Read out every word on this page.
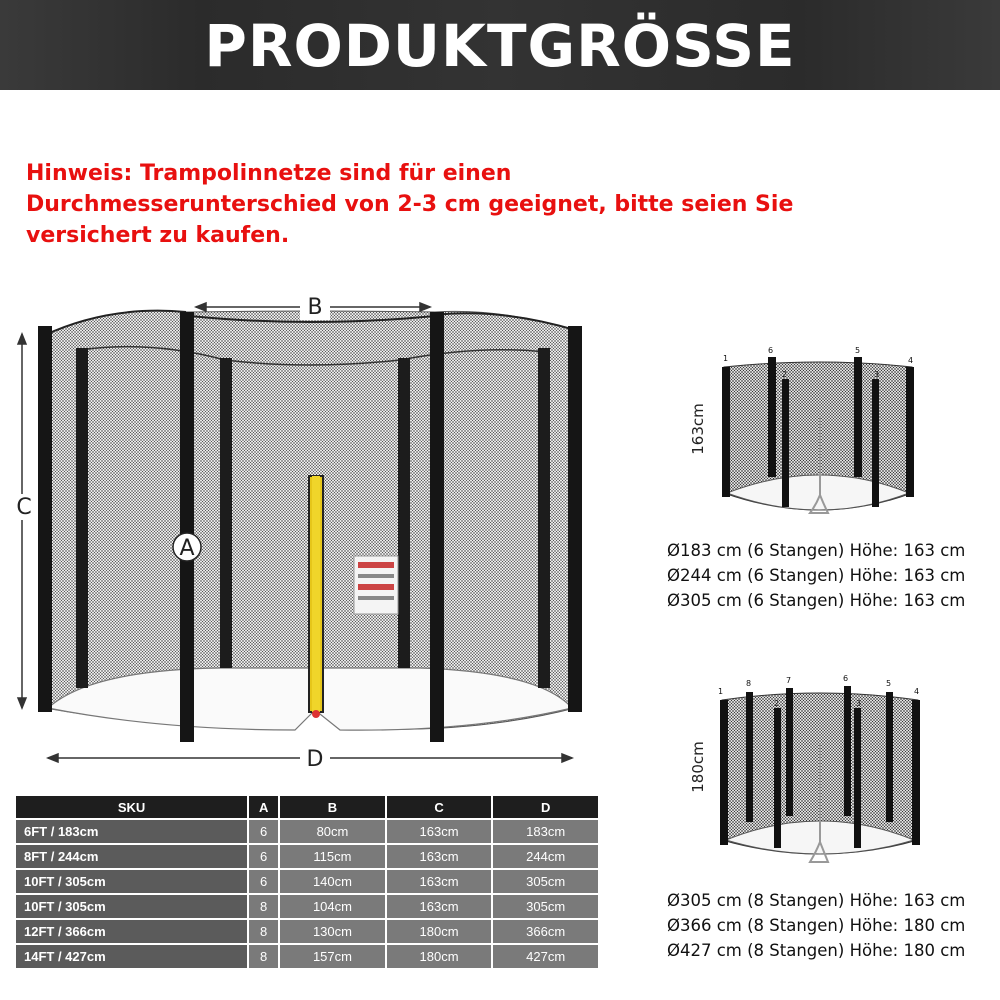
PRODUKTGRÖSSE
Hinweis: Trampolinnetze sind für einen
Durchmesserunterschied von 2-3 cm geeignet, bitte seien Sie
versichert zu kaufen.
B
C
D
A
1
6
2
5
3
4
163cm
Ø183 cm (6 Stangen) Höhe: 163 cm
Ø244 cm (6 Stangen) Höhe: 163 cm
Ø305 cm (6 Stangen) Höhe: 163 cm
1
8
2
7	6
3
5
4
180cm
Ø305 cm (8 Stangen) Höhe: 163 cm
Ø366 cm (8 Stangen) Höhe: 180 cm
Ø427 cm (8 Stangen) Höhe: 180 cm
SKU	A	B	C	D
6FT / 183cm	6	80cm	163cm	183cm
8FT / 244cm	6	115cm	163cm	244cm
10FT / 305cm	6	140cm	163cm	305cm
10FT / 305cm	8	104cm	163cm	305cm
12FT / 366cm	8	130cm	180cm	366cm
14FT / 427cm	8	157cm	180cm	427cm
